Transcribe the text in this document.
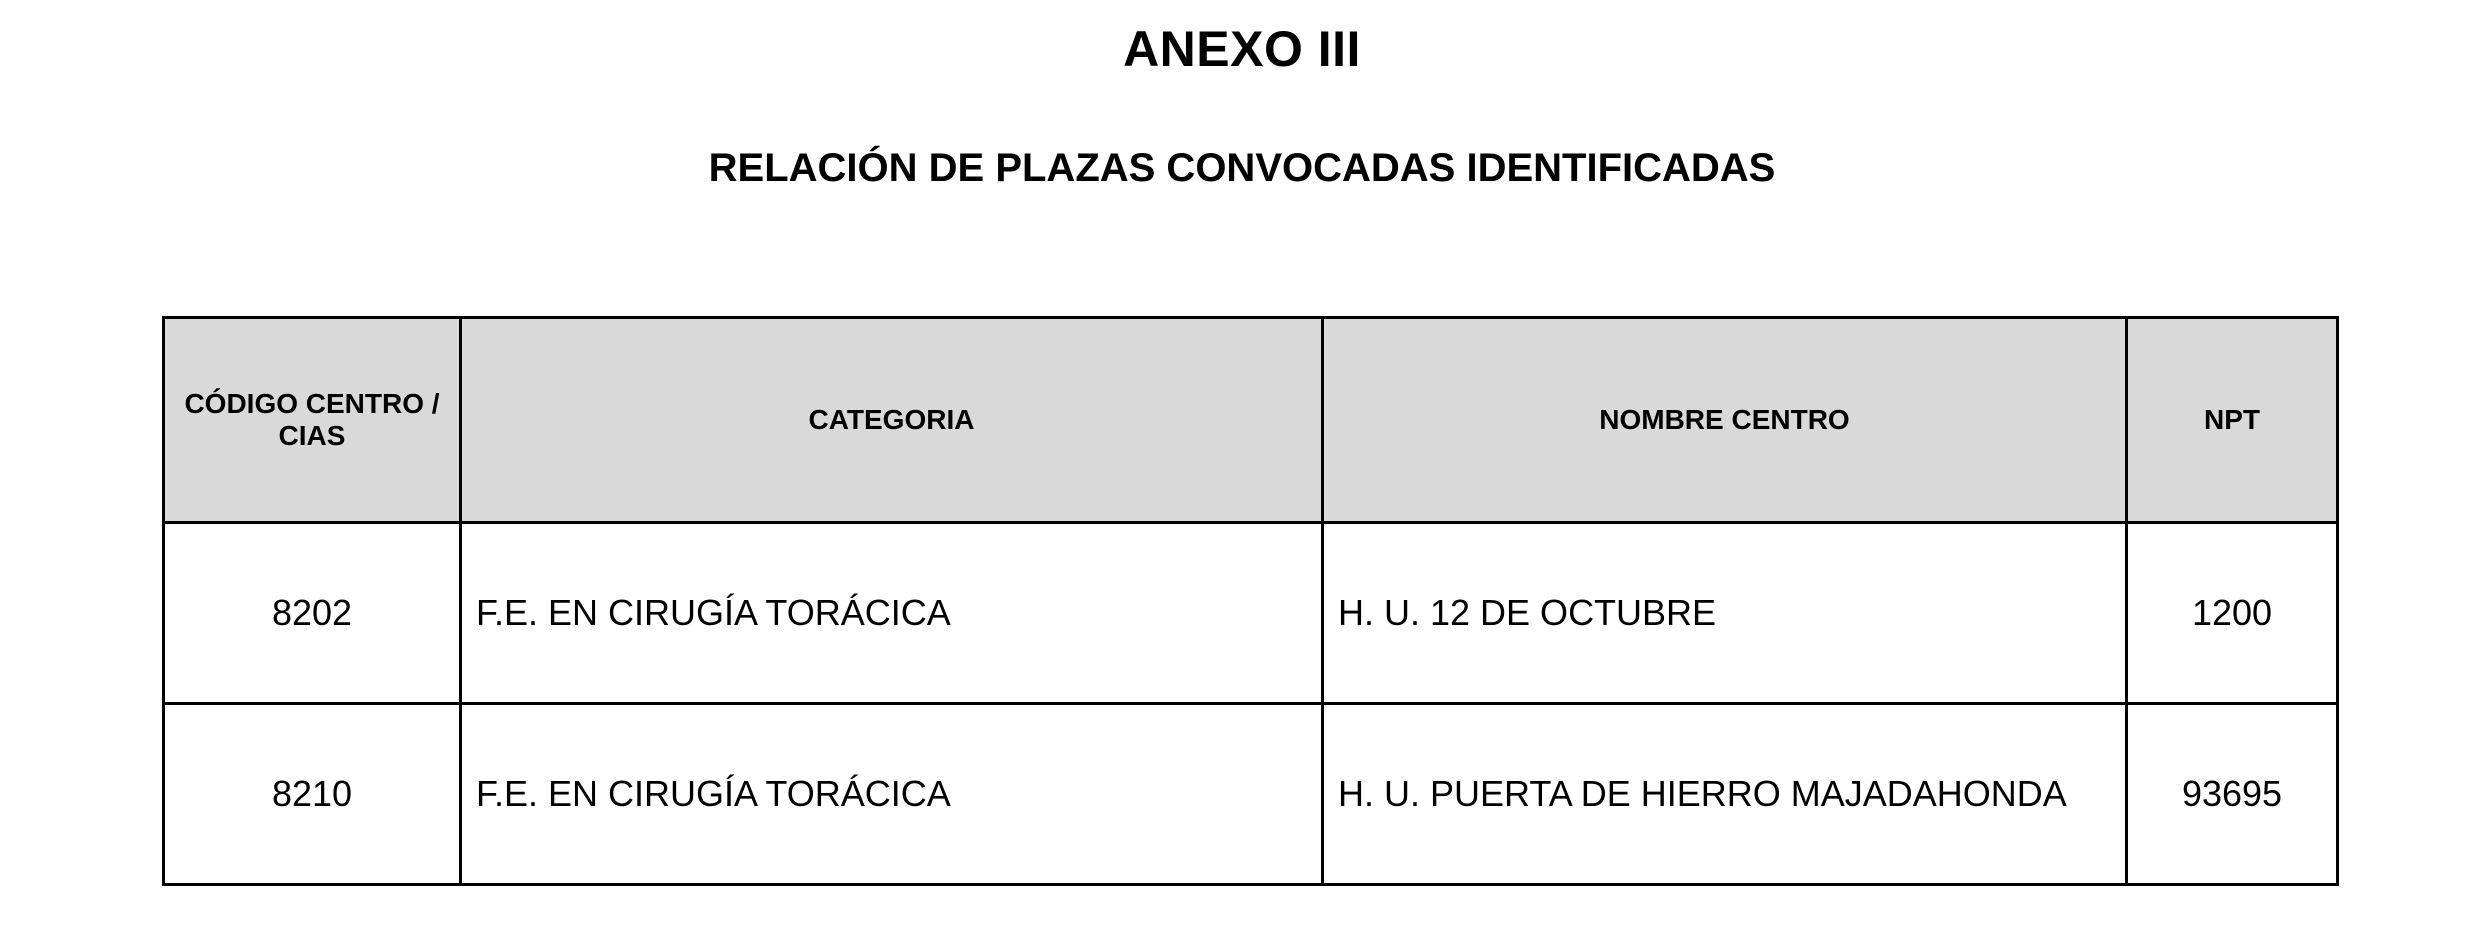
ANEXO III
RELACIÓN DE PLAZAS CONVOCADAS IDENTIFICADAS
CÓDIGO CENTRO / CIAS	CATEGORIA	NOMBRE CENTRO	NPT
8202	F.E. EN CIRUGÍA TORÁCICA	H. U. 12 DE OCTUBRE	1200
8210	F.E. EN CIRUGÍA TORÁCICA	H. U. PUERTA DE HIERRO MAJADAHONDA	93695
